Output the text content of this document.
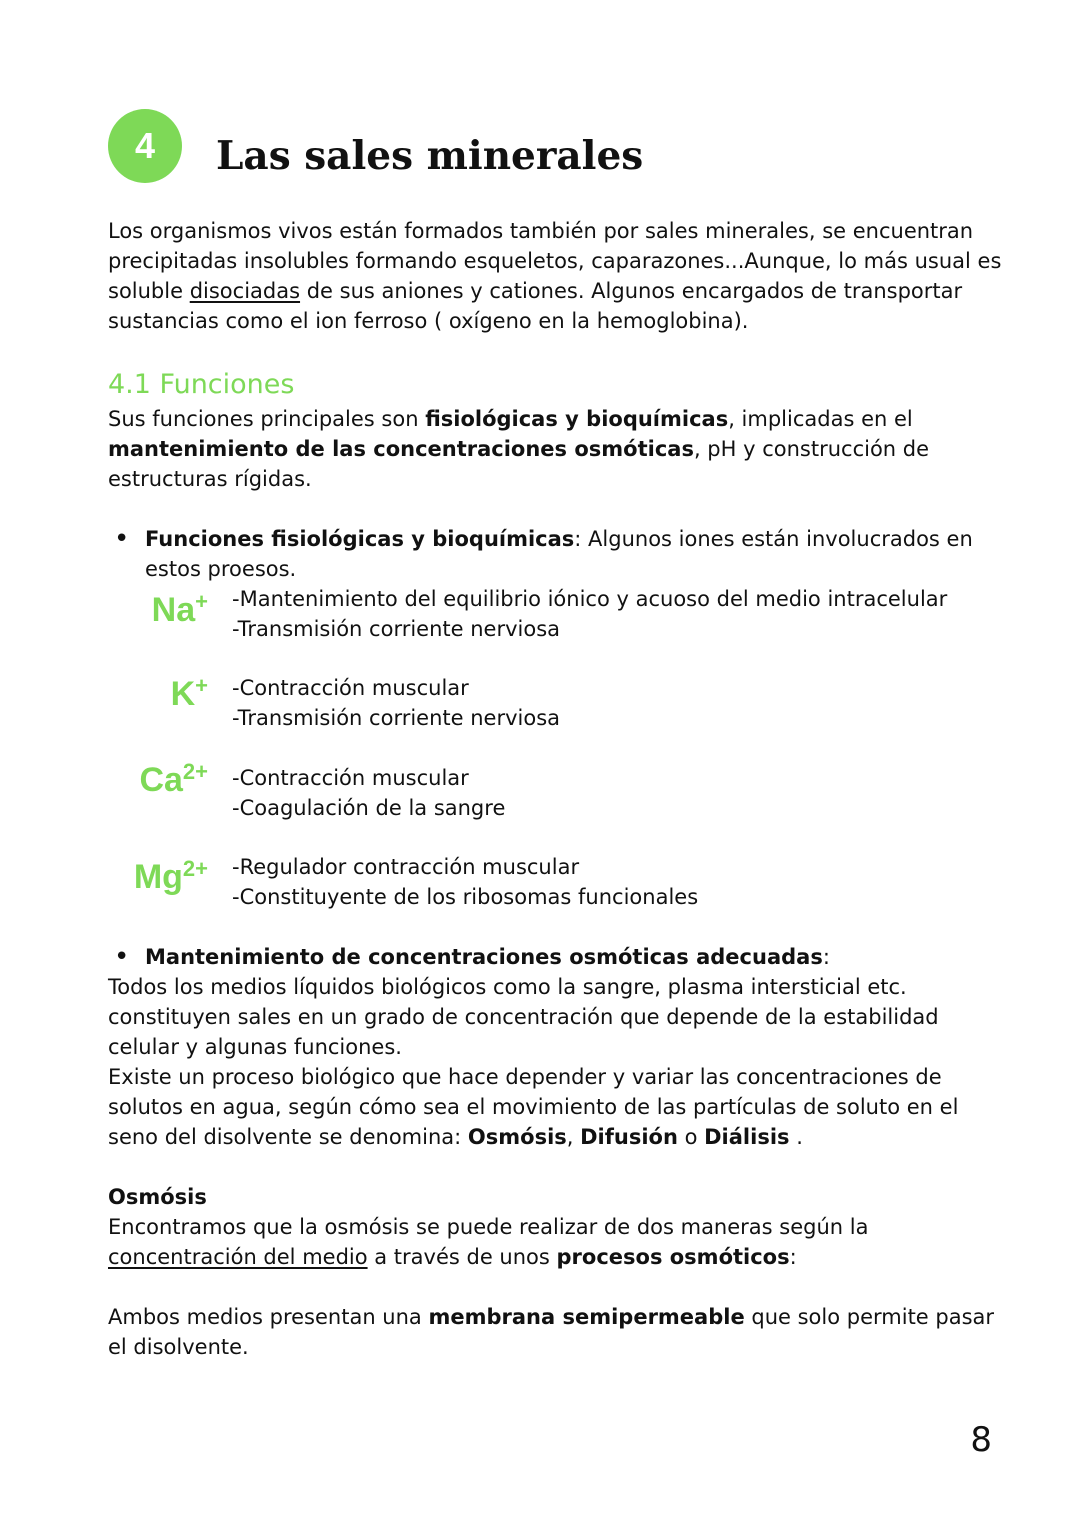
4	Las sales minerales

Los organismos vivos están formados también por sales minerales, se encuentran
precipitadas insolubles formando esqueletos, caparazones...Aunque, lo más usual es
soluble disociadas de sus aniones y cationes. Algunos encargados de transportar
sustancias como el ion ferroso ( oxígeno en la hemoglobina).

4.1 Funciones

Sus funciones principales son fisiológicas y bioquímicas, implicadas en el
mantenimiento de las concentraciones osmóticas, pH y construcción de
estructuras rígidas.

• Funciones fisiológicas y bioquímicas: Algunos iones están involucrados en
estos proesos.

Na+ -Mantenimiento del equilibrio iónico y acuoso del medio intracelular
-Transmisión corriente nerviosa
K+ -Contracción muscular
-Transmisión corriente nerviosa
$Ca^{2+}$ -Contracción muscular
-Coagulación de la sangre
$Mg^{2+}$ -Regulador contracción muscular
-Constituyente de los ribosomas funcionales
• Mantenimiento de concentraciones osmóticas adecuadas:

Todos los medios líquidos biológicos como la sangre, plasma intersticial etc.
constituyen sales en un grado de concentración que depende de la estabilidad
celular y algunas funciones.
Existe un proceso biológico que hace depender y variar las concentraciones de
solutos en agua, según cómo sea el movimiento de las partículas de soluto en el
seno del disolvente se denomina: Osmósis, Difusión o Diálisis .

Osmósis
Encontramos que la osmósis se puede realizar de dos maneras según la
concentración del medio a través de unos procesos osmóticos:

Ambos medios presentan una membrana semipermeable que solo permite pasar
el disolvente.

8
